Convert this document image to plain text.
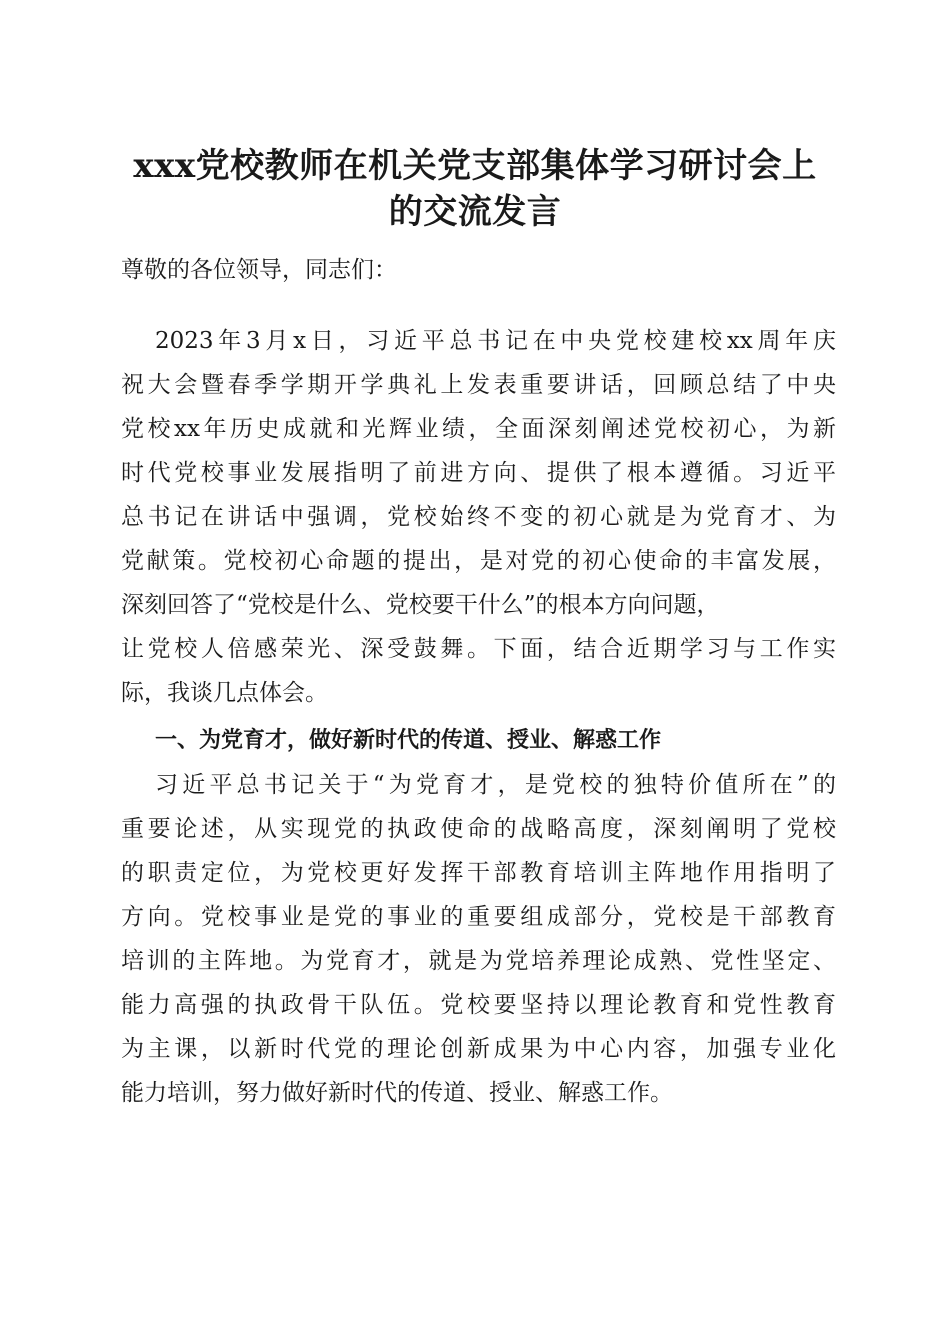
xxx党校教师在机关党支部集体学习研讨会上
的交流发言

尊敬的各位领导，同志们：

2023年3月x日，习近平总书记在中央党校建校xx周年庆

祝大会暨春季学期开学典礼上发表重要讲话，回顾总结了中央

党校xx年历史成就和光辉业绩，全面深刻阐述党校初心，为新

时代党校事业发展指明了前进方向、提供了根本遵循。习近平

总书记在讲话中强调，党校始终不变的初心就是为党育才、为

党献策。党校初心命题的提出，是对党的初心使命的丰富发展，

深刻回答了“党校是什么、党校要干什么”的根本方向问题，

让党校人倍感荣光、深受鼓舞。下面，结合近期学习与工作实

际，我谈几点体会。

一、为党育才，做好新时代的传道、授业、解惑工作

习近平总书记关于“为党育才，是党校的独特价值所在”的

重要论述，从实现党的执政使命的战略高度，深刻阐明了党校

的职责定位，为党校更好发挥干部教育培训主阵地作用指明了

方向。党校事业是党的事业的重要组成部分，党校是干部教育

培训的主阵地。为党育才，就是为党培养理论成熟、党性坚定、

能力高强的执政骨干队伍。党校要坚持以理论教育和党性教育

为主课，以新时代党的理论创新成果为中心内容，加强专业化

能力培训，努力做好新时代的传道、授业、解惑工作。
